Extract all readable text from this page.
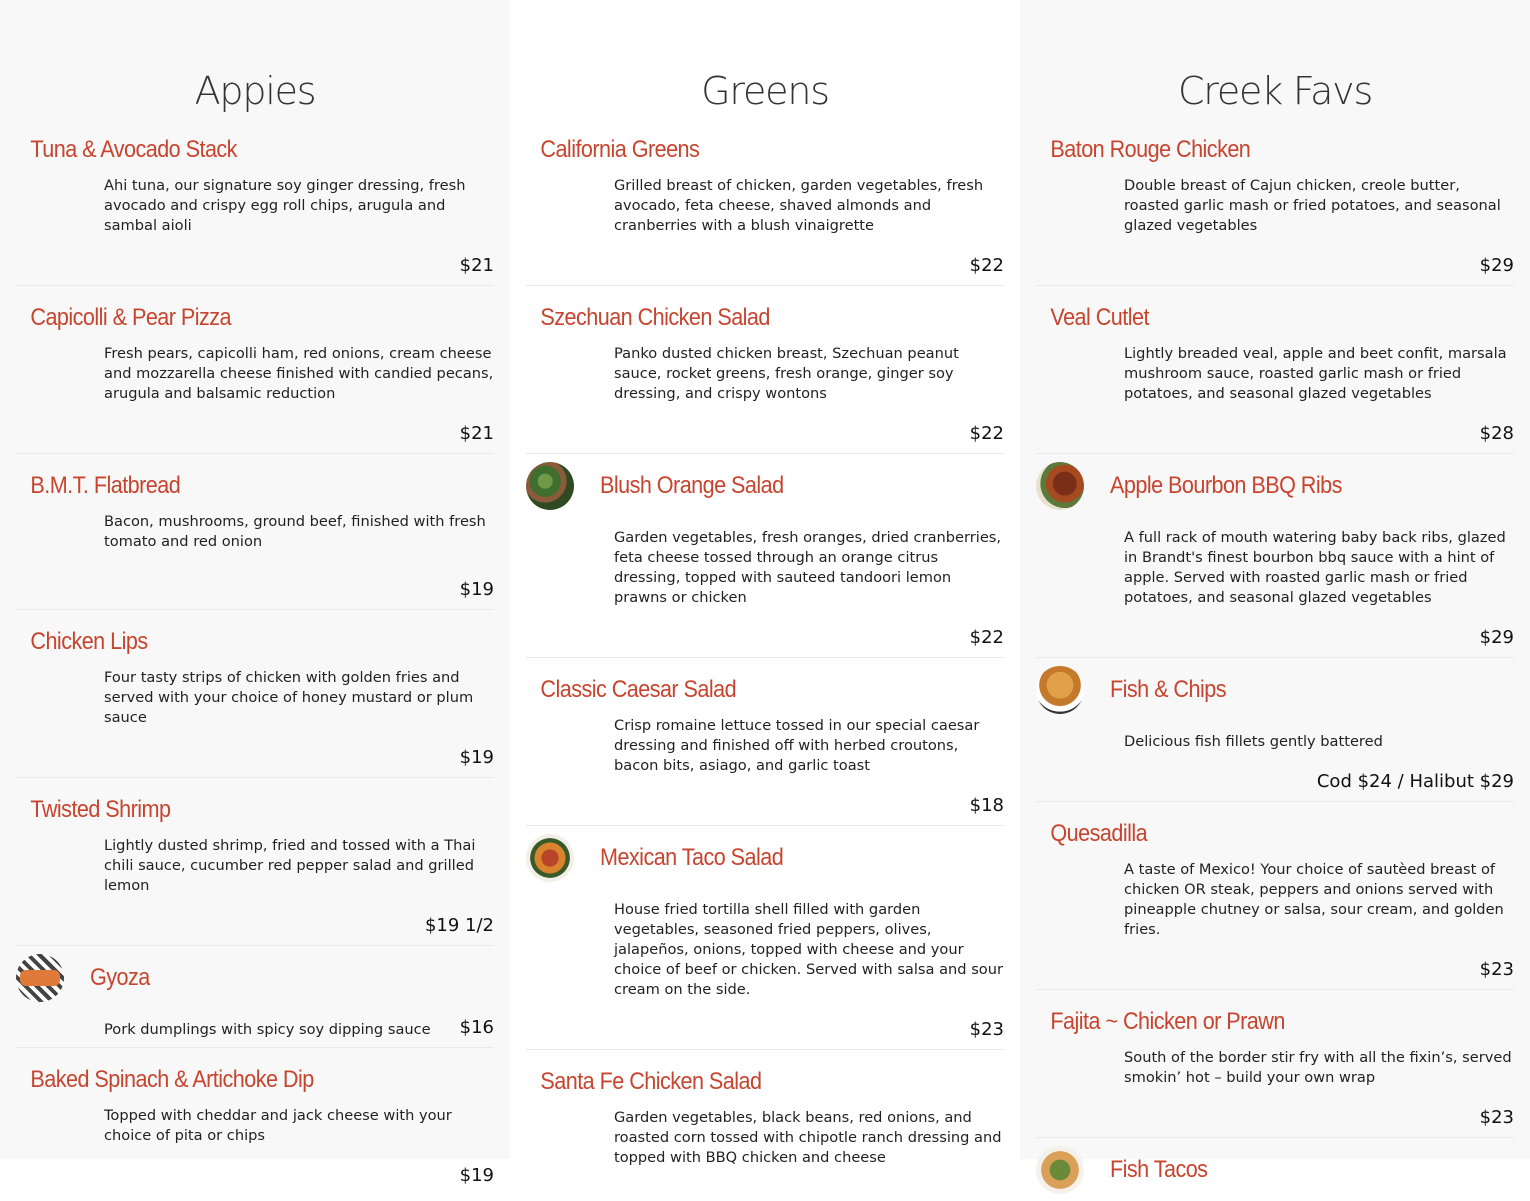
Appies
Tuna & Avocado Stack
Ahi tuna, our signature soy ginger dressing, fresh avocado and crispy egg roll chips, arugula and sambal aioli
$21
Capicolli & Pear Pizza
Fresh pears, capicolli ham, red onions, cream cheese and mozzarella cheese finished with candied pecans, arugula and balsamic reduction
$21
B.M.T. Flatbread
Bacon, mushrooms, ground beef, finished with fresh tomato and red onion
$19
Chicken Lips
Four tasty strips of chicken with golden fries and served with your choice of honey mustard or plum sauce
$19
Twisted Shrimp
Lightly dusted shrimp, fried and tossed with a Thai chili sauce, cucumber red pepper salad and grilled lemon
$19 1/2
Gyoza
Pork dumplings with spicy soy dipping sauce $16
Baked Spinach & Artichoke Dip
Topped with cheddar and jack cheese with your choice of pita or chips
$19
Greens
California Greens
Grilled breast of chicken, garden vegetables, fresh avocado, feta cheese, shaved almonds and cranberries with a blush vinaigrette
$22
Szechuan Chicken Salad
Panko dusted chicken breast, Szechuan peanut sauce, rocket greens, fresh orange, ginger soy dressing, and crispy wontons
$22
Blush Orange Salad
Garden vegetables, fresh oranges, dried cranberries, feta cheese tossed through an orange citrus dressing, topped with sauteed tandoori lemon prawns or chicken
$22
Classic Caesar Salad
Crisp romaine lettuce tossed in our special caesar dressing and finished off with herbed croutons, bacon bits, asiago, and garlic toast
$18
Mexican Taco Salad
House fried tortilla shell filled with garden vegetables, seasoned fried peppers, olives, jalapeños, onions, topped with cheese and your choice of beef or chicken. Served with salsa and sour cream on the side.
$23
Santa Fe Chicken Salad
Garden vegetables, black beans, red onions, and roasted corn tossed with chipotle ranch dressing and topped with BBQ chicken and cheese
Creek Favs
Baton Rouge Chicken
Double breast of Cajun chicken, creole butter, roasted garlic mash or fried potatoes, and seasonal glazed vegetables
$29
Veal Cutlet
Lightly breaded veal, apple and beet confit, marsala mushroom sauce, roasted garlic mash or fried potatoes, and seasonal glazed vegetables
$28
Apple Bourbon BBQ Ribs
A full rack of mouth watering baby back ribs, glazed in Brandt's finest bourbon bbq sauce with a hint of apple. Served with roasted garlic mash or fried potatoes, and seasonal glazed vegetables
$29
Fish & Chips
Delicious fish fillets gently battered
Cod $24 / Halibut $29
Quesadilla
A taste of Mexico! Your choice of sautèed breast of chicken OR steak, peppers and onions served with pineapple chutney or salsa, sour cream, and golden fries.
$23
Fajita ~ Chicken or Prawn
South of the border stir fry with all the fixin’s, served smokin’ hot – build your own wrap
$23
Fish Tacos
